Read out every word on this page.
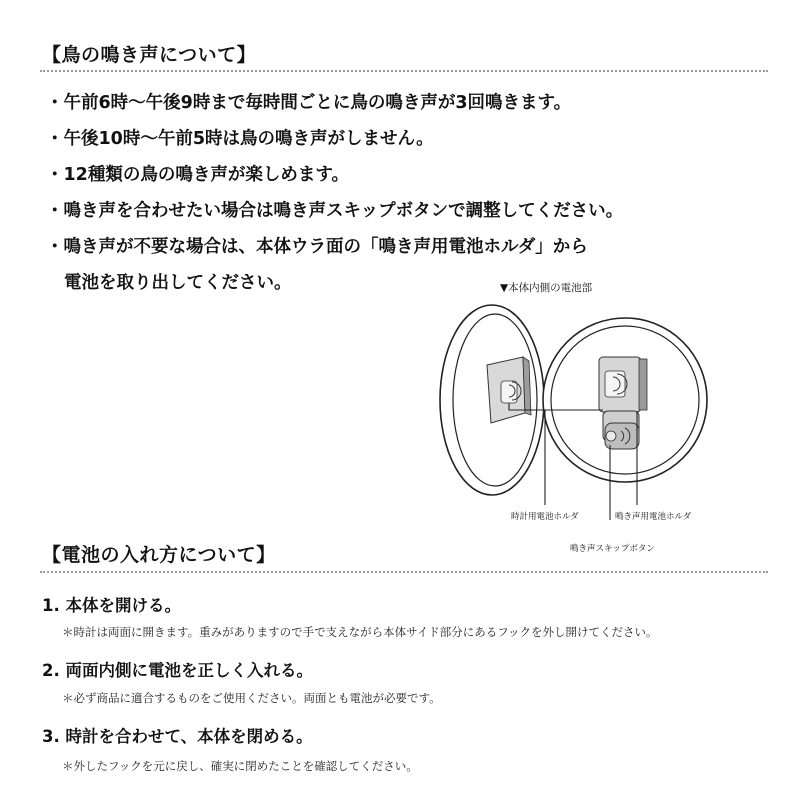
【鳥の鳴き声について】
・午前6時〜午後9時まで毎時間ごとに鳥の鳴き声が3回鳴きます。
・午後10時〜午前5時は鳥の鳴き声がしません。
・12種類の鳥の鳴き声が楽しめます。
・鳴き声を合わせたい場合は鳴き声スキップボタンで調整してください。
・鳴き声が不要な場合は、本体ウラ面の「鳴き声用電池ホルダ」から
電池を取り出してください。	▼本体内側の電池部
時計用電池ホルダ	鳴き声用電池ホルダ
鳴き声スキップボタン
【電池の入れ方について】
1. 本体を開ける。
＊時計は両面に開きます。重みがありますので手で支えながら本体サイド部分にあるフックを外し開けてください。
2. 両面内側に電池を正しく入れる。
＊必ず商品に適合するものをご使用ください。両面とも電池が必要です。
3. 時計を合わせて、本体を閉める。
＊外したフックを元に戻し、確実に閉めたことを確認してください。
